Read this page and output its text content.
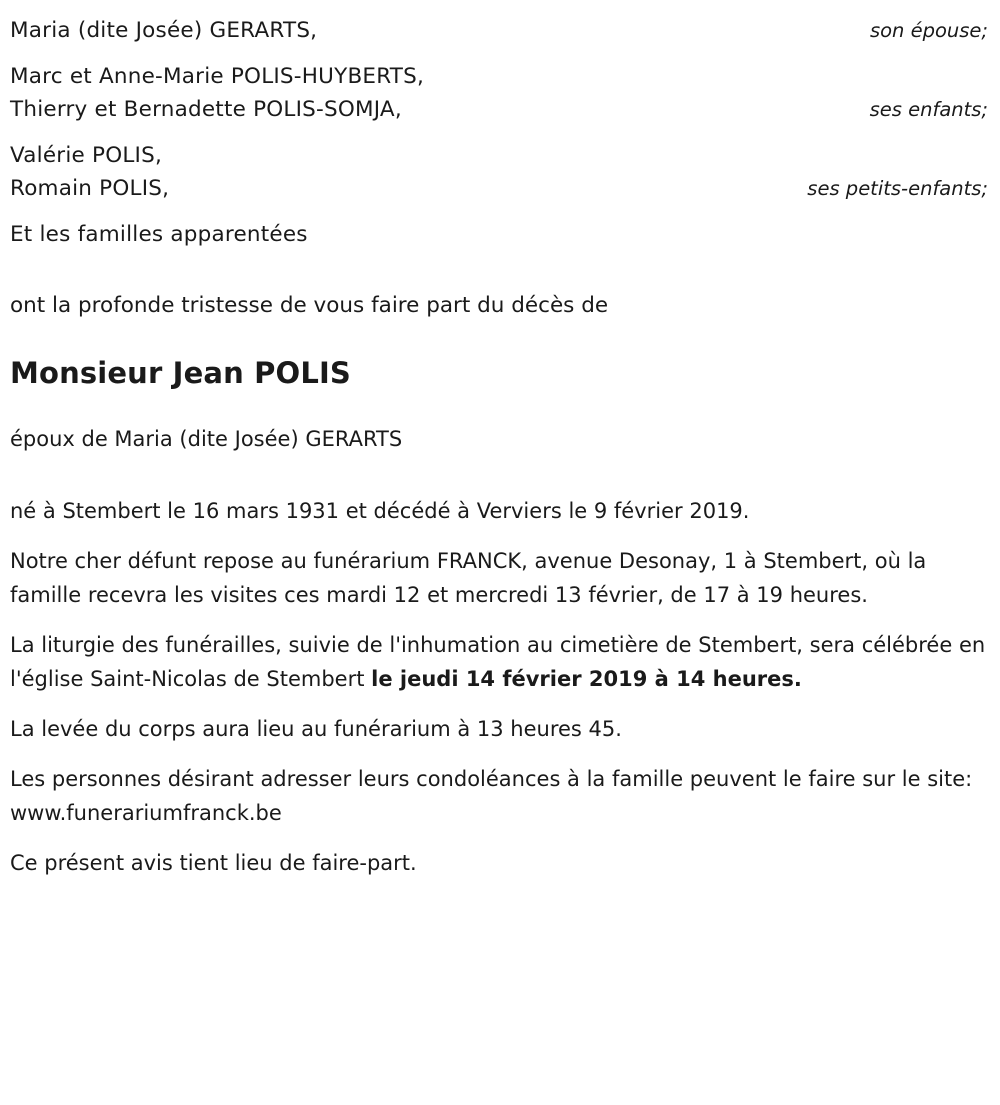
Maria (dite Josée) GERARTS,	son épouse;
Marc et Anne-Marie POLIS-HUYBERTS,
Thierry et Bernadette POLIS-SOMJA,	ses enfants;
Valérie POLIS,
Romain POLIS,	ses petits-enfants;
Et les familles apparentées
ont la profonde tristesse de vous faire part du décès de
Monsieur Jean POLIS
époux de Maria (dite Josée) GERARTS
né à Stembert le 16 mars 1931 et décédé à Verviers le 9 février 2019.
Notre cher défunt repose au funérarium FRANCK, avenue Desonay, 1 à Stembert, où la famille recevra les visites ces mardi 12 et mercredi 13 février, de 17 à 19 heures.
La liturgie des funérailles, suivie de l'inhumation au cimetière de Stembert, sera célébrée en l'église Saint-Nicolas de Stembert le jeudi 14 février 2019 à 14 heures.
La levée du corps aura lieu au funérarium à 13 heures 45.
Les personnes désirant adresser leurs condoléances à la famille peuvent le faire sur le site: www.funerariumfranck.be
Ce présent avis tient lieu de faire-part.
